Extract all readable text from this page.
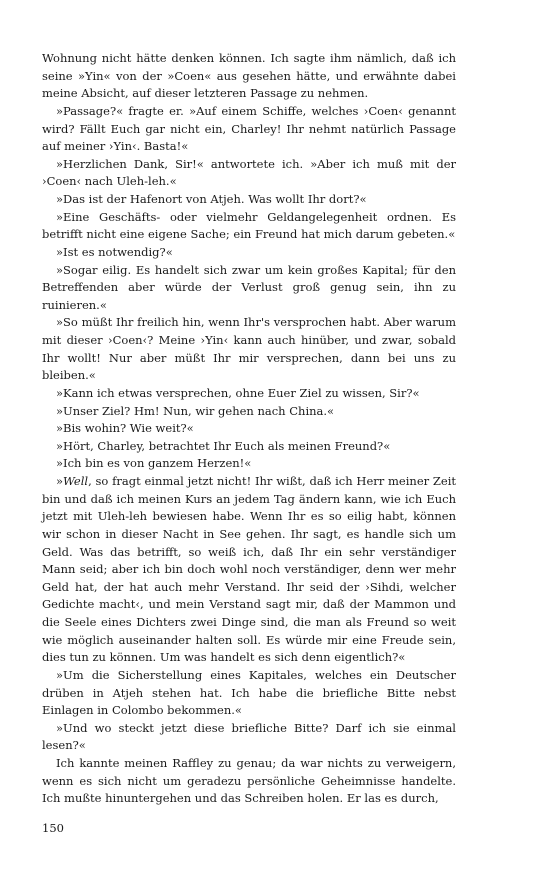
Wohnung nicht hätte denken können. Ich sagte ihm nämlich, daß ich seine »Yin« von der »Coen« aus gesehen hätte, und erwähnte dabei meine Absicht, auf dieser letzteren Passage zu nehmen.

»Passage?« fragte er. »Auf einem Schiffe, welches ›Coen‹ genannt wird? Fällt Euch gar nicht ein, Charley! Ihr nehmt natürlich Passage auf meiner ›Yin‹. Basta!«

»Herzlichen Dank, Sir!« antwortete ich. »Aber ich muß mit der ›Coen‹ nach Uleh-leh.«

»Das ist der Hafenort von Atjeh. Was wollt Ihr dort?«

»Eine Geschäfts- oder vielmehr Geldangelegenheit ordnen. Es betrifft nicht eine eigene Sache; ein Freund hat mich darum gebeten.«

»Ist es notwendig?«

»Sogar eilig. Es handelt sich zwar um kein großes Kapital; für den Betreffenden aber würde der Verlust groß genug sein, ihn zu ruinieren.«

»So müßt Ihr freilich hin, wenn Ihr's versprochen habt. Aber warum mit dieser ›Coen‹? Meine ›Yin‹ kann auch hinüber, und zwar, sobald Ihr wollt! Nur aber müßt Ihr mir versprechen, dann bei uns zu bleiben.«

»Kann ich etwas versprechen, ohne Euer Ziel zu wissen, Sir?«

»Unser Ziel? Hm! Nun, wir gehen nach China.«

»Bis wohin? Wie weit?«

»Hört, Charley, betrachtet Ihr Euch als meinen Freund?«

»Ich bin es von ganzem Herzen!«

»Well, so fragt einmal jetzt nicht! Ihr wißt, daß ich Herr meiner Zeit bin und daß ich meinen Kurs an jedem Tag ändern kann, wie ich Euch jetzt mit Uleh-leh bewiesen habe. Wenn Ihr es so eilig habt, können wir schon in dieser Nacht in See gehen. Ihr sagt, es handle sich um Geld. Was das betrifft, so weiß ich, daß Ihr ein sehr verständiger Mann seid; aber ich bin doch wohl noch verständiger, denn wer mehr Geld hat, der hat auch mehr Verstand. Ihr seid der ›Sihdi, welcher Gedichte macht‹, und mein Verstand sagt mir, daß der Mammon und die Seele eines Dichters zwei Dinge sind, die man als Freund so weit wie möglich auseinander halten soll. Es würde mir eine Freude sein, dies tun zu können. Um was handelt es sich denn eigentlich?«

»Um die Sicherstellung eines Kapitales, welches ein Deutscher drüben in Atjeh stehen hat. Ich habe die briefliche Bitte nebst Einlagen in Colombo bekommen.«

»Und wo steckt jetzt diese briefliche Bitte? Darf ich sie einmal lesen?«

Ich kannte meinen Raffley zu genau; da war nichts zu verweigern, wenn es sich nicht um geradezu persönliche Geheimnisse handelte. Ich mußte hinuntergehen und das Schreiben holen. Er las es durch,

150
